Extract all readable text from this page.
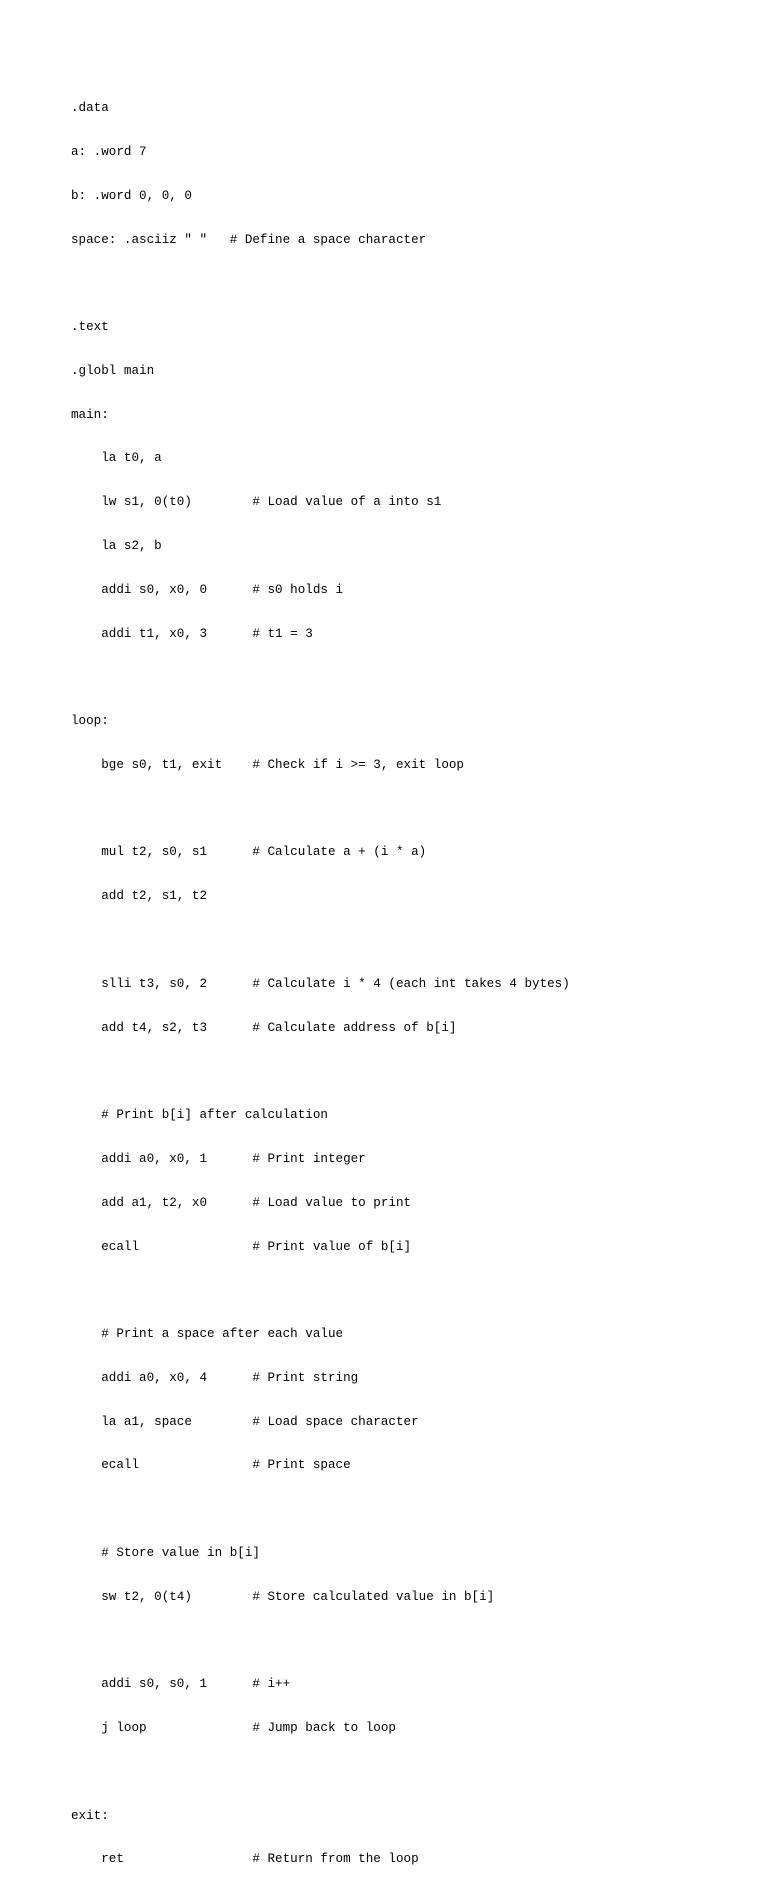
.data

a: .word 7

b: .word 0, 0, 0

space: .asciiz " "   # Define a space character

.text

.globl main

main:

la t0, a

lw s1, 0(t0)        # Load value of a into s1

la s2, b

addi s0, x0, 0      # s0 holds i

addi t1, x0, 3      # t1 = 3

loop:

bge s0, t1, exit    # Check if i >= 3, exit loop

mul t2, s0, s1      # Calculate a + (i * a)

add t2, s1, t2

slli t3, s0, 2      # Calculate i * 4 (each int takes 4 bytes)

add t4, s2, t3      # Calculate address of b[i]

# Print b[i] after calculation

addi a0, x0, 1      # Print integer

add a1, t2, x0      # Load value to print

ecall               # Print value of b[i]

# Print a space after each value

addi a0, x0, 4      # Print string

la a1, space        # Load space character

ecall               # Print space

# Store value in b[i]

sw t2, 0(t4)        # Store calculated value in b[i]

addi s0, s0, 1      # i++

j loop              # Jump back to loop

exit:

ret                 # Return from the loop
